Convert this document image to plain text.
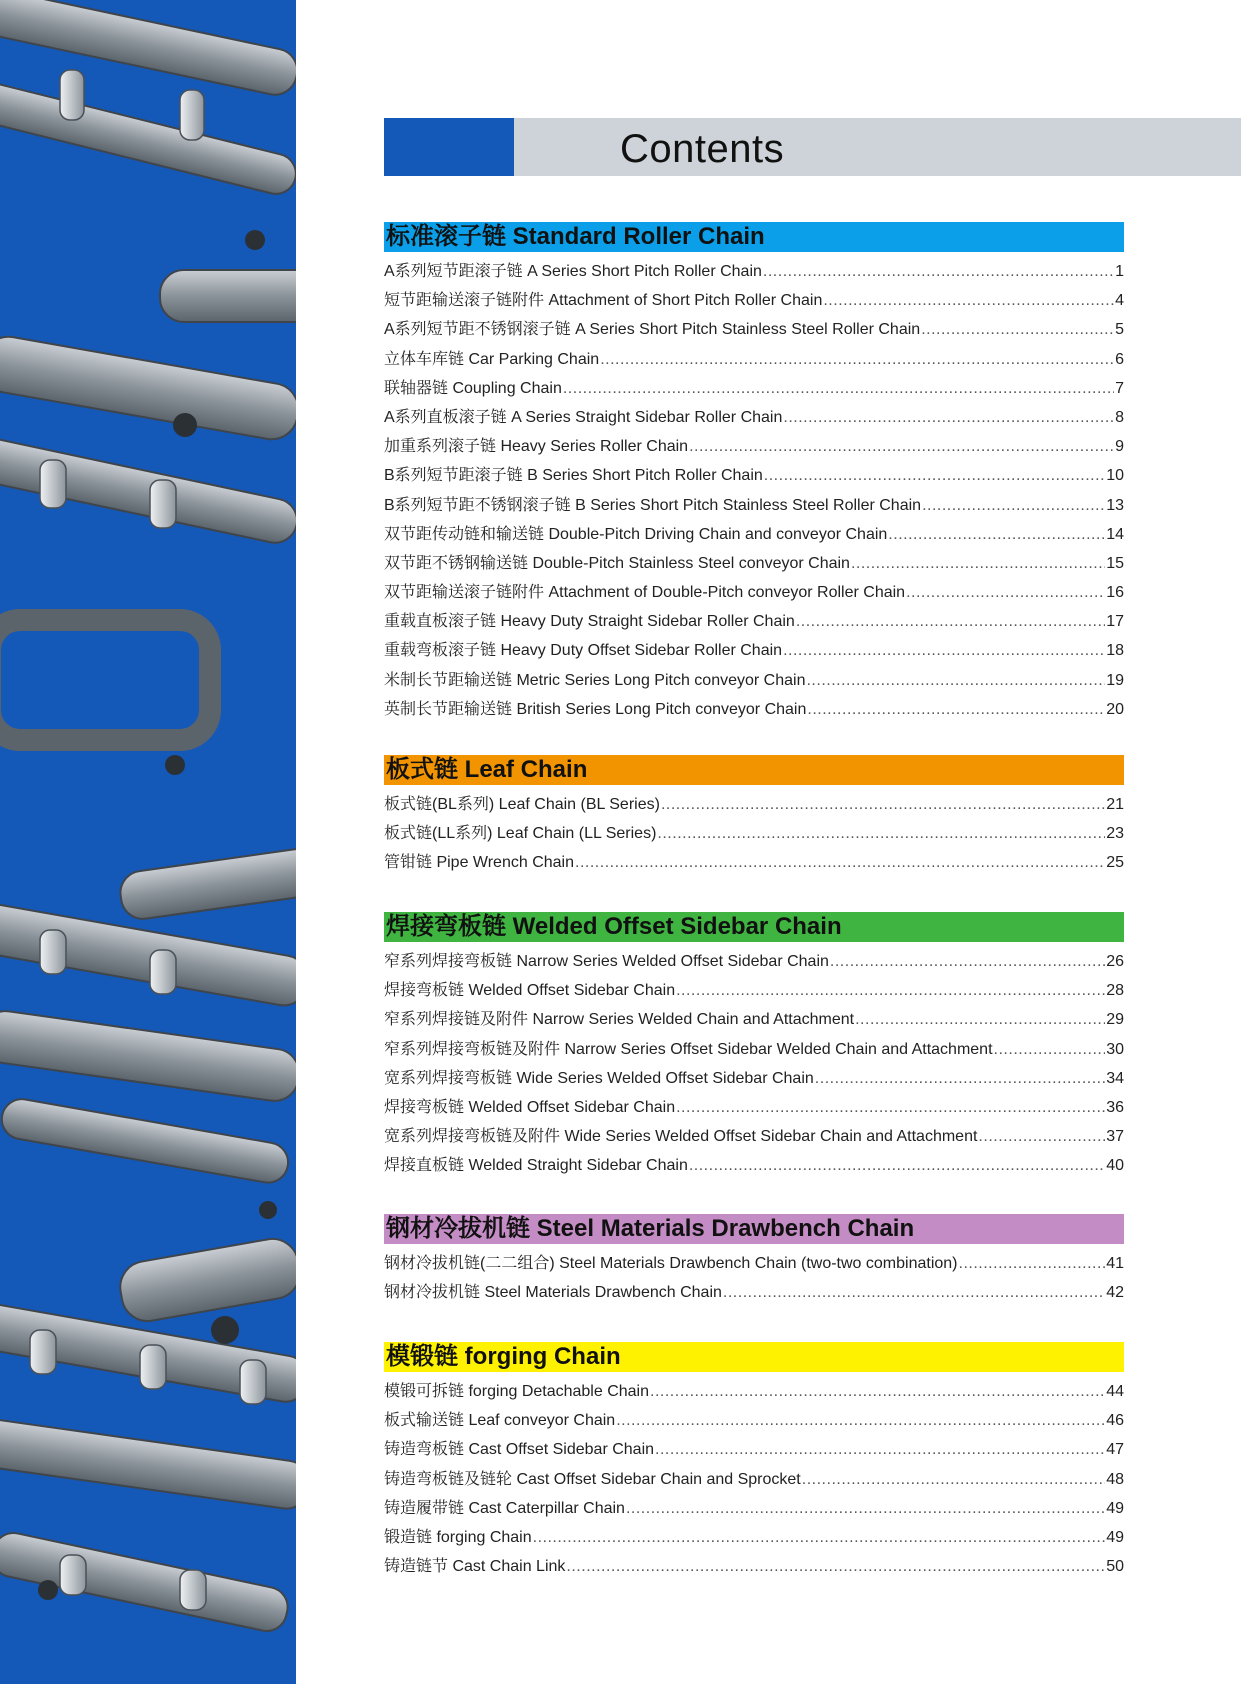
Contents
标准滚子链 Standard Roller Chain
A系列短节距滚子链 A Series Short Pitch Roller Chain .....	1
短节距输送滚子链附件 Attachment of Short Pitch Roller Chain .....	4
A系列短节距不锈钢滚子链 A Series Short Pitch Stainless Steel Roller Chain .....	5
立体车库链 Car Parking Chain .....	6
联轴器链 Coupling Chain .....	7
A系列直板滚子链 A Series Straight Sidebar Roller Chain .....	8
加重系列滚子链 Heavy Series Roller Chain .....	9
B系列短节距滚子链 B Series Short Pitch Roller Chain .....	10
B系列短节距不锈钢滚子链 B Series Short Pitch Stainless Steel Roller Chain .....	13
双节距传动链和输送链 Double-Pitch Driving Chain and conveyor Chain .....	14
双节距不锈钢输送链 Double-Pitch Stainless Steel conveyor Chain .....	15
双节距输送滚子链附件 Attachment of Double-Pitch conveyor Roller Chain .....	16
重载直板滚子链 Heavy Duty Straight Sidebar Roller Chain .....	17
重载弯板滚子链 Heavy Duty Offset Sidebar Roller Chain .....	18
米制长节距输送链 Metric Series Long Pitch conveyor Chain .....	19
英制长节距输送链 British Series Long Pitch conveyor Chain .....	20
板式链 Leaf Chain
板式链(BL系列) Leaf Chain (BL Series) .....	21
板式链(LL系列) Leaf Chain (LL Series) .....	23
管钳链 Pipe Wrench Chain .....	25
焊接弯板链 Welded Offset Sidebar Chain
窄系列焊接弯板链 Narrow Series Welded Offset Sidebar Chain .....	26
焊接弯板链 Welded Offset Sidebar Chain .....	28
窄系列焊接链及附件 Narrow Series Welded Chain and Attachment .....	29
窄系列焊接弯板链及附件 Narrow Series Offset Sidebar Welded Chain and Attachment .....	30
宽系列焊接弯板链 Wide Series Welded Offset Sidebar Chain .....	34
焊接弯板链 Welded Offset Sidebar Chain .....	36
宽系列焊接弯板链及附件 Wide Series Welded Offset Sidebar Chain and Attachment .....	37
焊接直板链 Welded Straight Sidebar Chain .....	40
钢材冷拔机链 Steel Materials Drawbench Chain
钢材冷拔机链(二二组合) Steel Materials Drawbench Chain (two-two combination) .....	41
钢材冷拔机链 Steel Materials Drawbench Chain .....	42
模锻链 forging Chain
模锻可拆链 forging Detachable Chain .....	44
板式输送链 Leaf conveyor Chain .....	46
铸造弯板链 Cast Offset Sidebar Chain .....	47
铸造弯板链及链轮 Cast Offset Sidebar Chain and Sprocket .....	48
铸造履带链 Cast Caterpillar Chain .....	49
锻造链 forging Chain .....	49
铸造链节 Cast Chain Link .....	50
